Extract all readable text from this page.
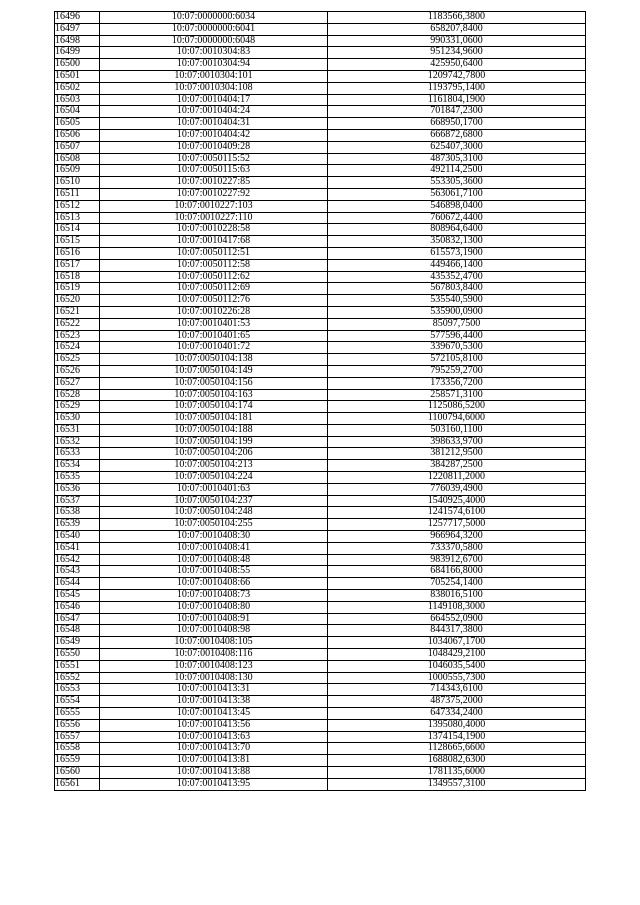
16496	10:07:0000000:6034	1183566,3800
16497	10:07:0000000:6041	658207,8400
16498	10:07:0000000:6048	990331,0600
16499	10:07:0010304:83	951234,9600
16500	10:07:0010304:94	425950,6400
16501	10:07:0010304:101	1209742,7800
16502	10:07:0010304:108	1193795,1400
16503	10:07:0010404:17	1161804,1900
16504	10:07:0010404:24	701847,2300
16505	10:07:0010404:31	668950,1700
16506	10:07:0010404:42	666872,6800
16507	10:07:0010409:28	625407,3000
16508	10:07:0050115:52	487305,3100
16509	10:07:0050115:63	492114,2500
16510	10:07:0010227:85	553305,3600
16511	10:07:0010227:92	563061,7100
16512	10:07:0010227:103	546898,0400
16513	10:07:0010227:110	760672,4400
16514	10:07:0010228:58	808964,6400
16515	10:07:0010417:68	350832,1300
16516	10:07:0050112:51	615573,1900
16517	10:07:0050112:58	449466,1400
16518	10:07:0050112:62	435352,4700
16519	10:07:0050112:69	567803,8400
16520	10:07:0050112:76	535540,5900
16521	10:07:0010226:28	535900,0900
16522	10:07:0010401:53	85097,7500
16523	10:07:0010401:65	577596,4400
16524	10:07:0010401:72	339670,5300
16525	10:07:0050104:138	572105,8100
16526	10:07:0050104:149	795259,2700
16527	10:07:0050104:156	173356,7200
16528	10:07:0050104:163	258571,3100
16529	10:07:0050104:174	1125086,5200
16530	10:07:0050104:181	1100794,6000
16531	10:07:0050104:188	503160,1100
16532	10:07:0050104:199	398633,9700
16533	10:07:0050104:206	381212,9500
16534	10:07:0050104:213	384287,2500
16535	10:07:0050104:224	1220811,2000
16536	10:07:0010401:63	776039,4900
16537	10:07:0050104:237	1540925,4000
16538	10:07:0050104:248	1241574,6100
16539	10:07:0050104:255	1257717,5000
16540	10:07:0010408:30	966964,3200
16541	10:07:0010408:41	733370,5800
16542	10:07:0010408:48	983912,6700
16543	10:07:0010408:55	684166,8000
16544	10:07:0010408:66	705254,1400
16545	10:07:0010408:73	838016,5100
16546	10:07:0010408:80	1149108,3000
16547	10:07:0010408:91	664552,0900
16548	10:07:0010408:98	844317,3800
16549	10:07:0010408:105	1034067,1700
16550	10:07:0010408:116	1048429,2100
16551	10:07:0010408:123	1046035,5400
16552	10:07:0010408:130	1000555,7300
16553	10:07:0010413:31	714343,6100
16554	10:07:0010413:38	487375,2000
16555	10:07:0010413:45	647334,2400
16556	10:07:0010413:56	1395080,4000
16557	10:07:0010413:63	1374154,1900
16558	10:07:0010413:70	1128665,6600
16559	10:07:0010413:81	1688082,6300
16560	10:07:0010413:88	1781135,6000
16561	10:07:0010413:95	1349557,3100
